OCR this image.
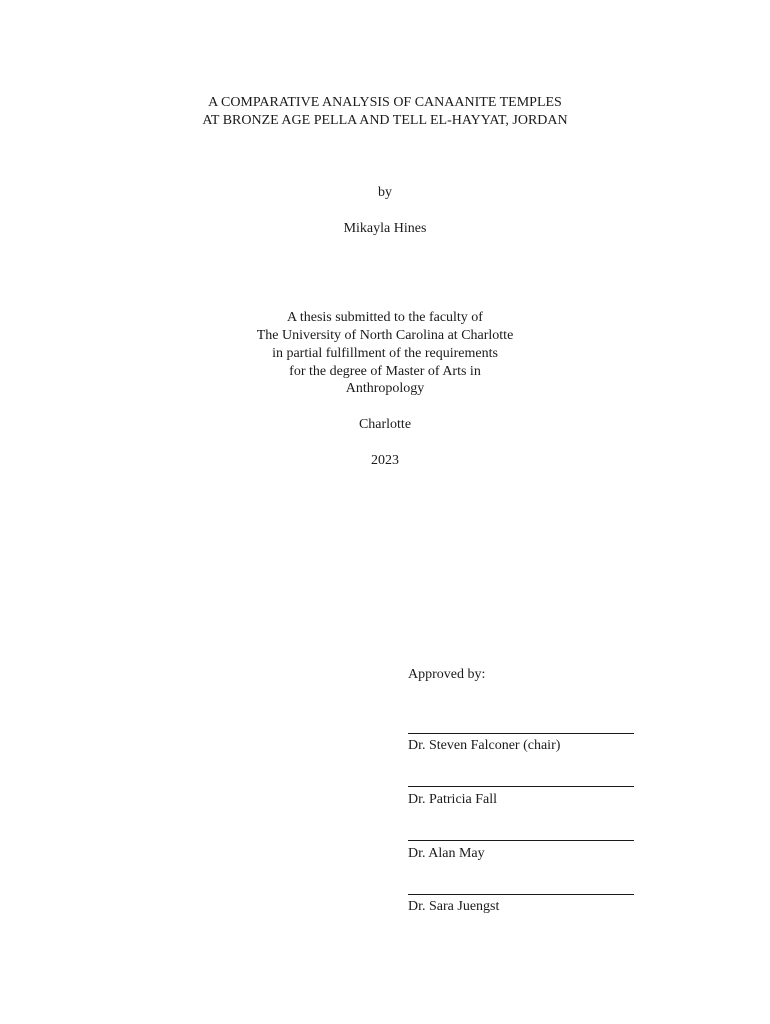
A COMPARATIVE ANALYSIS OF CANAANITE TEMPLES
AT BRONZE AGE PELLA AND TELL EL-HAYYAT, JORDAN
by
Mikayla Hines
A thesis submitted to the faculty of
The University of North Carolina at Charlotte
in partial fulfillment of the requirements
for the degree of Master of Arts in
Anthropology
Charlotte
2023
Approved by:
Dr. Steven Falconer (chair)
Dr. Patricia Fall
Dr. Alan May
Dr. Sara Juengst
